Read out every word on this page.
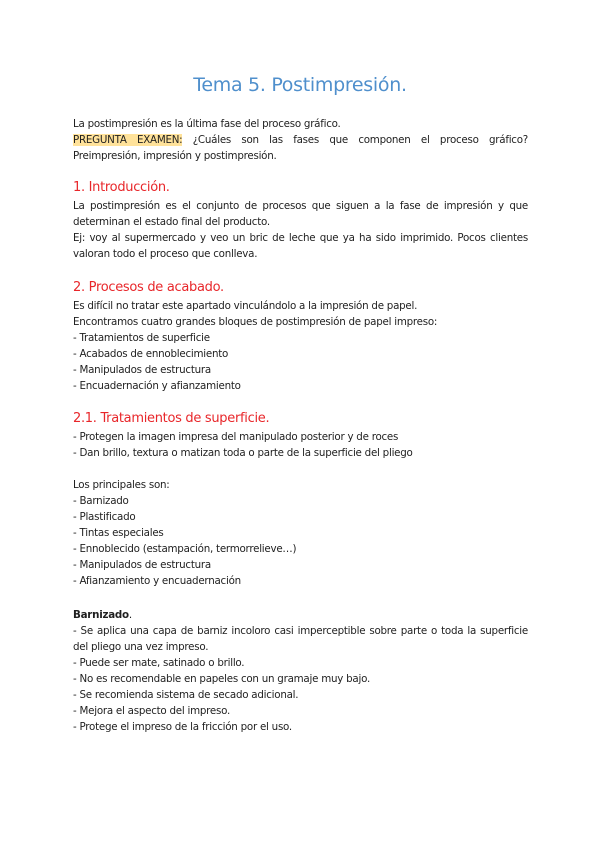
Tema 5. Postimpresión.

La postimpresión es la última fase del proceso gráfico.

PREGUNTA EXAMEN: ¿Cuáles son las fases que componen el proceso gráfico?

Preimpresión, impresión y postimpresión.

1. Introducción.

La postimpresión es el conjunto de procesos que siguen a la fase de impresión y que determinan el estado final del producto.

Ej: voy al supermercado y veo un bric de leche que ya ha sido imprimido. Pocos clientes valoran todo el proceso que conlleva.

2. Procesos de acabado.

Es difícil no tratar este apartado vinculándolo a la impresión de papel.

Encontramos cuatro grandes bloques de postimpresión de papel impreso:

- Tratamientos de superficie
- Acabados de ennoblecimiento
- Manipulados de estructura
- Encuadernación y afianzamiento
2.1. Tratamientos de superficie.
- Protegen la imagen impresa del manipulado posterior y de roces
- Dan brillo, textura o matizan toda o parte de la superficie del pliego

Los principales son:

- Barnizado
- Plastificado
- Tintas especiales
- Ennoblecido (estampación, termorrelieve…)
- Manipulados de estructura
- Afianzamiento y encuadernación

Barnizado.

- Se aplica una capa de barniz incoloro casi imperceptible sobre parte o toda la superficie del pliego una vez impreso.

- Puede ser mate, satinado o brillo.
- No es recomendable en papeles con un gramaje muy bajo.
- Se recomienda sistema de secado adicional.
- Mejora el aspecto del impreso.
- Protege el impreso de la fricción por el uso.
